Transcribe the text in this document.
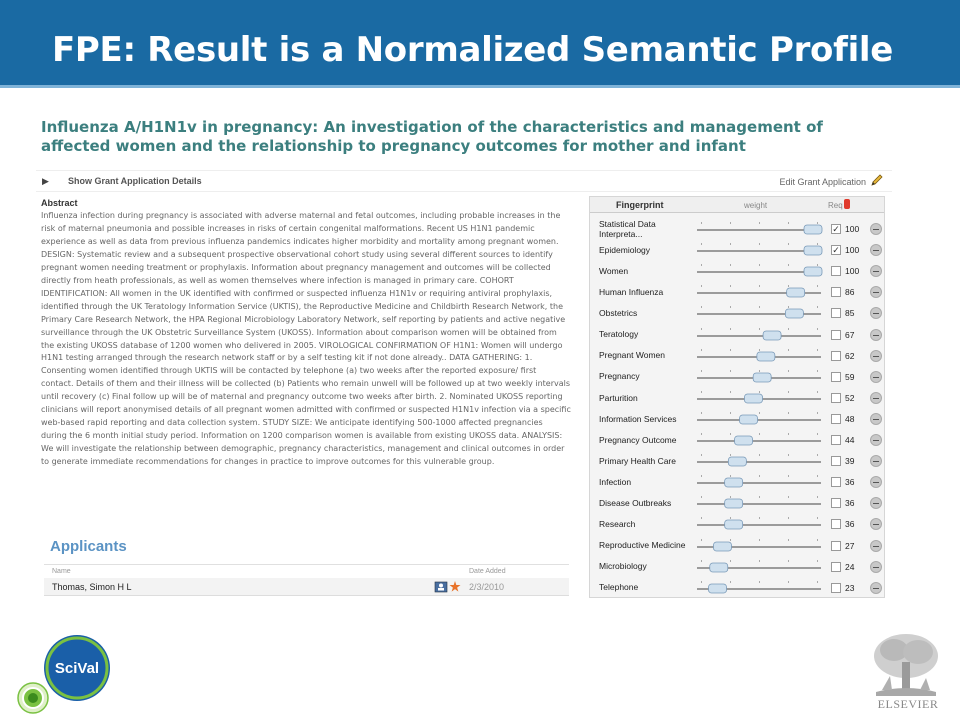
FPE: Result is a Normalized Semantic Profile
Influenza A/H1N1v in pregnancy: An investigation of the characteristics and management of affected women and the relationship to pregnancy outcomes for mother and infant
▶ Show Grant Application Details	Edit Grant Application
Abstract
Influenza infection during pregnancy is associated with adverse maternal and fetal outcomes, including probable increases in the risk of maternal pneumonia and possible increases in risks of certain congenital malformations. Recent US H1N1 pandemic experience as well as data from previous influenza pandemics indicates higher morbidity and mortality among pregnant women. DESIGN: Systematic review and a subsequent prospective observational cohort study using several different sources to identify pregnant women needing treatment or prophylaxis. Information about pregnancy management and outcomes will be collected directly from heath professionals, as well as women themselves where infection is managed in primary care. COHORT IDENTIFICATION: All women in the UK identified with confirmed or suspected influenza H1N1v or requiring antiviral prophylaxis, identified through the UK Teratology Information Service (UKTIS), the Reproductive Medicine and Childbirth Research Network, the Primary Care Research Network, the HPA Regional Microbiology Laboratory Network, self reporting by patients and active negative surveillance through the UK Obstetric Surveillance System (UKOSS). Information about comparison women will be obtained from the existing UKOSS database of 1200 women who delivered in 2005. VIROLOGICAL CONFIRMATION OF H1N1: Women will undergo H1N1 testing arranged through the research network staff or by a self testing kit if not done already.. DATA GATHERING: 1. Consenting women identified through UKTIS will be contacted by telephone (a) two weeks after the reported exposure/ first contact. Details of them and their illness will be collected (b) Patients who remain unwell will be followed up at two weekly intervals until recovery (c) Final follow up will be of maternal and pregnancy outcome two weeks after birth. 2. Nominated UKOSS reporting clinicians will report anonymised details of all pregnant women admitted with confirmed or suspected H1N1v infection via a specific web-based rapid reporting and data collection system. STUDY SIZE: We anticipate identifying 500-1000 affected pregnancies during the 6 month initial study period. Information on 1200 comparison women is available from existing UKOSS data. ANALYSIS: We will investigate the relationship between demographic, pregnancy characteristics, management and clinical outcomes in order to generate immediate recommendations for changes in practice to improve outcomes for this vulnerable group.
Applicants
Name	Date Added
Thomas, Simon H L	2/3/2010
Fingerprint	weight	Req
Statistical Data Interpreta...	✓ 100
Epidemiology	✓ 100
Women	100
Human Influenza	86
Obstetrics	85
Teratology	67
Pregnant Women	62
Pregnancy	59
Parturition	52
Information Services	48
Pregnancy Outcome	44
Primary Health Care	39
Infection	36
Disease Outbreaks	36
Research	36
Reproductive Medicine	27
Microbiology	24
Telephone	23
SciVal
ELSEVIER
